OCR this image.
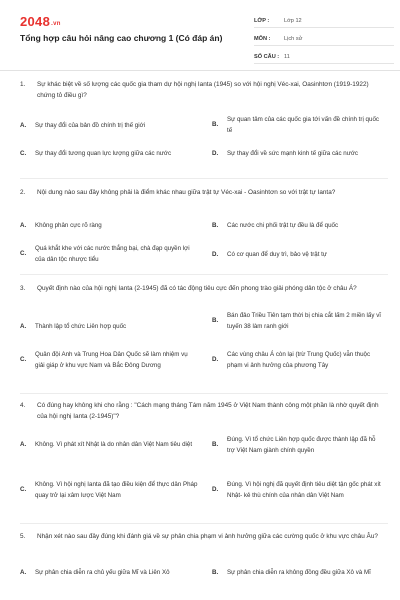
2048.vn
Tổng hợp câu hỏi nâng cao chương 1 (Có đáp án)
LỚP :	Lớp 12
MÔN :	Lịch sử
SỐ CÂU : 11
1.	Sự khác biệt về số lượng các quốc gia tham dự hội nghị Ianta (1945) so với hội nghị Véc-xai, Oasinhtơn (1919-1922) chứng tỏ điều gì?
A.	Sự thay đổi của bản đồ chính trị thế giới	B.
Sự quan tâm của các quốc gia tới vấn đề chính trị quốc tế
C.	Sự thay đổi tương quan lực lượng giữa các nước	D.	Sự thay đổi về sức mạnh kinh tế giữa các nước
2.	Nội dung nào sau đây không phải là điểm khác nhau giữa trật tự Véc-xai - Oasinhtơn so với trật tự Ianta?
A.	Không phân cực rõ ràng	B.	Các nước chi phối trật tự đều là để quốc
C.
Quá khắt khe với các nước thắng bại, chà đạp quyền lợi của dân tộc nhược tiểu
D.	Có cơ quan để duy trì, bảo vệ trật tự
3.	Quyết định nào của hội nghị Ianta (2-1945) đã có tác động tiêu cực đến phong trào giải phóng dân tộc ở châu Á?
A.	Thành lập tổ chức Liên hợp quốc
B.
Bán đảo Triều Tiên tạm thời bị chia cắt lấm 2 miền lấy vĩ tuyến 38 làm ranh giới
C.
Quân đội Anh và Trung Hoa Dân Quốc sẽ làm nhiệm vụ giải giáp ở khu vực Nam và Bắc Đông Dương
D.
Các vùng châu Á còn lại (trừ Trung Quốc) vẫn thuộc phạm vi ảnh hưởng của phương Tây
4.	Có đúng hay không khi cho rằng : "Cách mạng tháng Tám năm 1945 ở Việt Nam thành công một phần là nhờ quyết định của hội nghị Ianta (2-1945)"?
A.	Không. Vì phát xít Nhật là do nhân dân Việt Nam tiêu diệt	B.
Đúng. Vì tổ chức Liên hợp quốc được thành lập đã hỗ trợ Việt Nam giành chính quyền
C.
Không. Vì hội nghị Ianta đã tạo điều kiện để thực dân Pháp quay trở lại xâm lược Việt Nam
D.
Đúng. Vì hội nghị đã quyết định tiêu diệt tận gốc phát xít Nhật- kẻ thù chính của nhân dân Việt Nam
5.	Nhận xét nào sau đây đúng khi đánh giá về sự phân chia phạm vi ảnh hưởng giữa các cường quốc ở khu vực châu Âu?
A.	Sự phân chia diễn ra chủ yếu giữa Mĩ và Liên Xô	B.	Sự phân chia diễn ra không đồng đều giữa Xô và Mĩ
